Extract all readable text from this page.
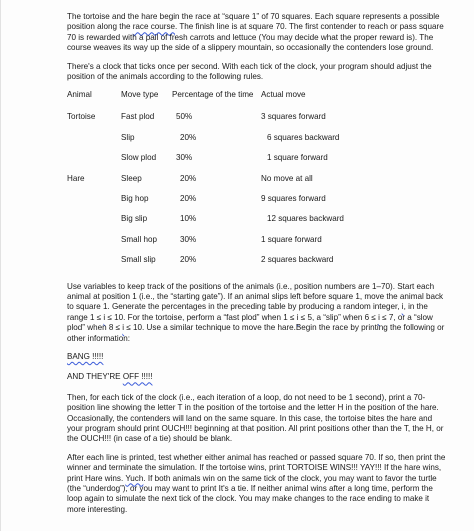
The tortoise and the hare begin the race at “square 1” of 70 squares. Each square represents a possible position along the race course. The finish line is at square 70. The first contender to reach or pass square 70 is rewarded with a pail of fresh carrots and lettuce (You may decide what the proper reward is). The course weaves its way up the side of a slippery mountain, so occasionally the contenders lose ground.

There's a clock that ticks once per second. With each tick of the clock, your program should adjust the position of the animals according to the following rules.

Animal	Move type	Percentage of the time	Actual move
Tortoise	Fast plod	50%	3 squares forward
	Slip	20%	6 squares backward
	Slow plod	30%	1 square forward
Hare	Sleep	20%	No move at all
	Big hop	20%	9 squares forward
	Big slip	10%	12 squares backward
	Small hop	30%	1 square forward
	Small slip	20%	2 squares backward

Use variables to keep track of the positions of the animals (i.e., position numbers are 1–70). Start each animal at position 1 (i.e., the “starting gate”). If an animal slips left before square 1, move the animal back to square 1. Generate the percentages in the preceding table by producing a random integer, i, in the range 1 ≤ i ≤ 10. For the tortoise, perform a “fast plod” when 1 ≤ i ≤ 5, a “slip” when 6 ≤ i ≤ 7, or a “slow plod” when 8 ≤ i ≤ 10. Use a similar technique to move the hare.Begin the race by printing the following or other information:

BANG !!!!!

AND THEY'RE OFF !!!!!

Then, for each tick of the clock (i.e., each iteration of a loop, do not need to be 1 second), print a 70-position line showing the letter T in the position of the tortoise and the letter H in the position of the hare. Occasionally, the contenders will land on the same square. In this case, the tortoise bites the hare and your program should print OUCH!!! beginning at that position. All print positions other than the T, the H, or the OUCH!!! (in case of a tie) should be blank.

After each line is printed, test whether either animal has reached or passed square 70. If so, then print the winner and terminate the simulation. If the tortoise wins, print TORTOISE WINS!!! YAY!!! If the hare wins, print Hare wins. Yuch. If both animals win on the same tick of the clock, you may want to favor the turtle (the “underdog”), or you may want to print It's a tie. If neither animal wins after a long time, perform the loop again to simulate the next tick of the clock. You may make changes to the race ending to make it more interesting.
